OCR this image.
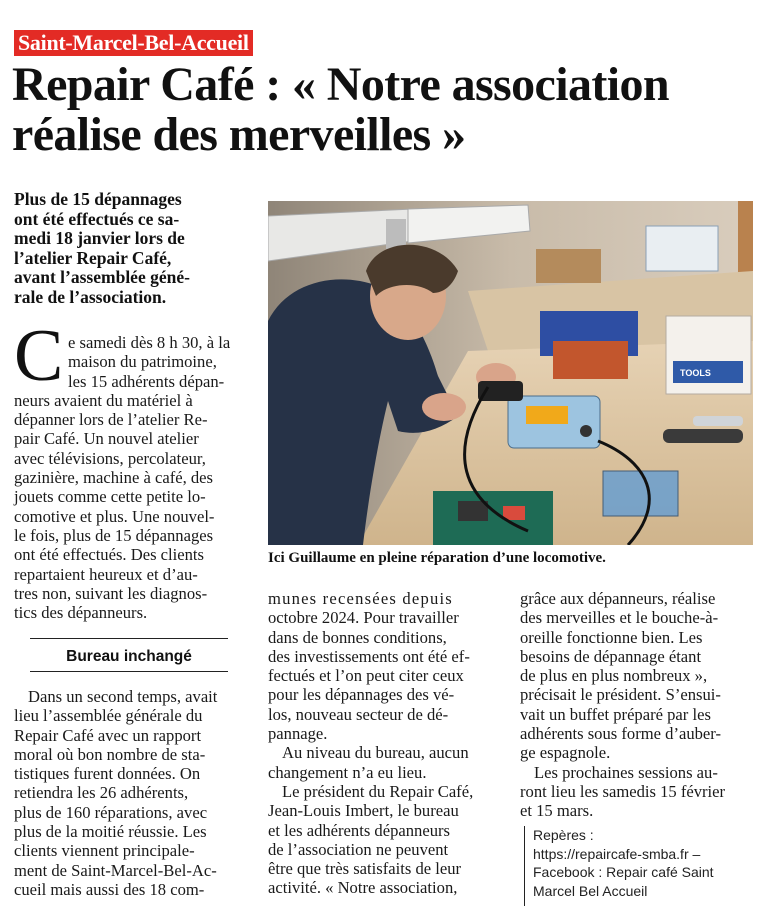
Saint-Marcel-Bel-Accueil
Repair Café : « Notre association
réalise des merveilles »
Plus de 15 dépannages
ont été effectués ce sa-
medi 18 janvier lors de
l’atelier Repair Café,
avant l’assemblée géné-
rale de l’association.
C e samedi dès 8 h 30, à la
maison du patrimoine,
les 15 adhérents dépan-
neurs avaient du matériel à
dépanner lors de l’atelier Re-
pair Café. Un nouvel atelier
avec télévisions, percolateur,
gazinière, machine à café, des
jouets comme cette petite lo-
comotive et plus. Une nouvel-
le fois, plus de 15 dépannages
ont été effectués. Des clients
repartaient heureux et d’au-
tres non, suivant les diagnos-
tics des dépanneurs.
Bureau inchangé
Dans un second temps, avait
lieu l’assemblée générale du
Repair Café avec un rapport
moral où bon nombre de sta-
tistiques furent données. On
retiendra les 26 adhérents,
plus de 160 réparations, avec
plus de la moitié réussie. Les
clients viennent principale-
ment de Saint-Marcel-Bel-Ac-
cueil mais aussi des 18 com-
TOOLS
Ici Guillaume en pleine réparation d’une locomotive.
munes recensées depuis
octobre 2024. Pour travailler
dans de bonnes conditions,
des investissements ont été ef-
fectués et l’on peut citer ceux
pour les dépannages des vé-
los, nouveau secteur de dé-
pannage.
Au niveau du bureau, aucun
changement n’a eu lieu.
Le président du Repair Café,
Jean-Louis Imbert, le bureau
et les adhérents dépanneurs
de l’association ne peuvent
être que très satisfaits de leur
activité. « Notre association,
grâce aux dépanneurs, réalise
des merveilles et le bouche-à-
oreille fonctionne bien. Les
besoins de dépannage étant
de plus en plus nombreux »,
précisait le président. S’ensui-
vait un buffet préparé par les
adhérents sous forme d’auber-
ge espagnole.
Les prochaines sessions au-
ront lieu les samedis 15 février
et 15 mars.
Repères :
https://repaircafe-smba.fr –
Facebook : Repair café Saint
Marcel Bel Accueil
